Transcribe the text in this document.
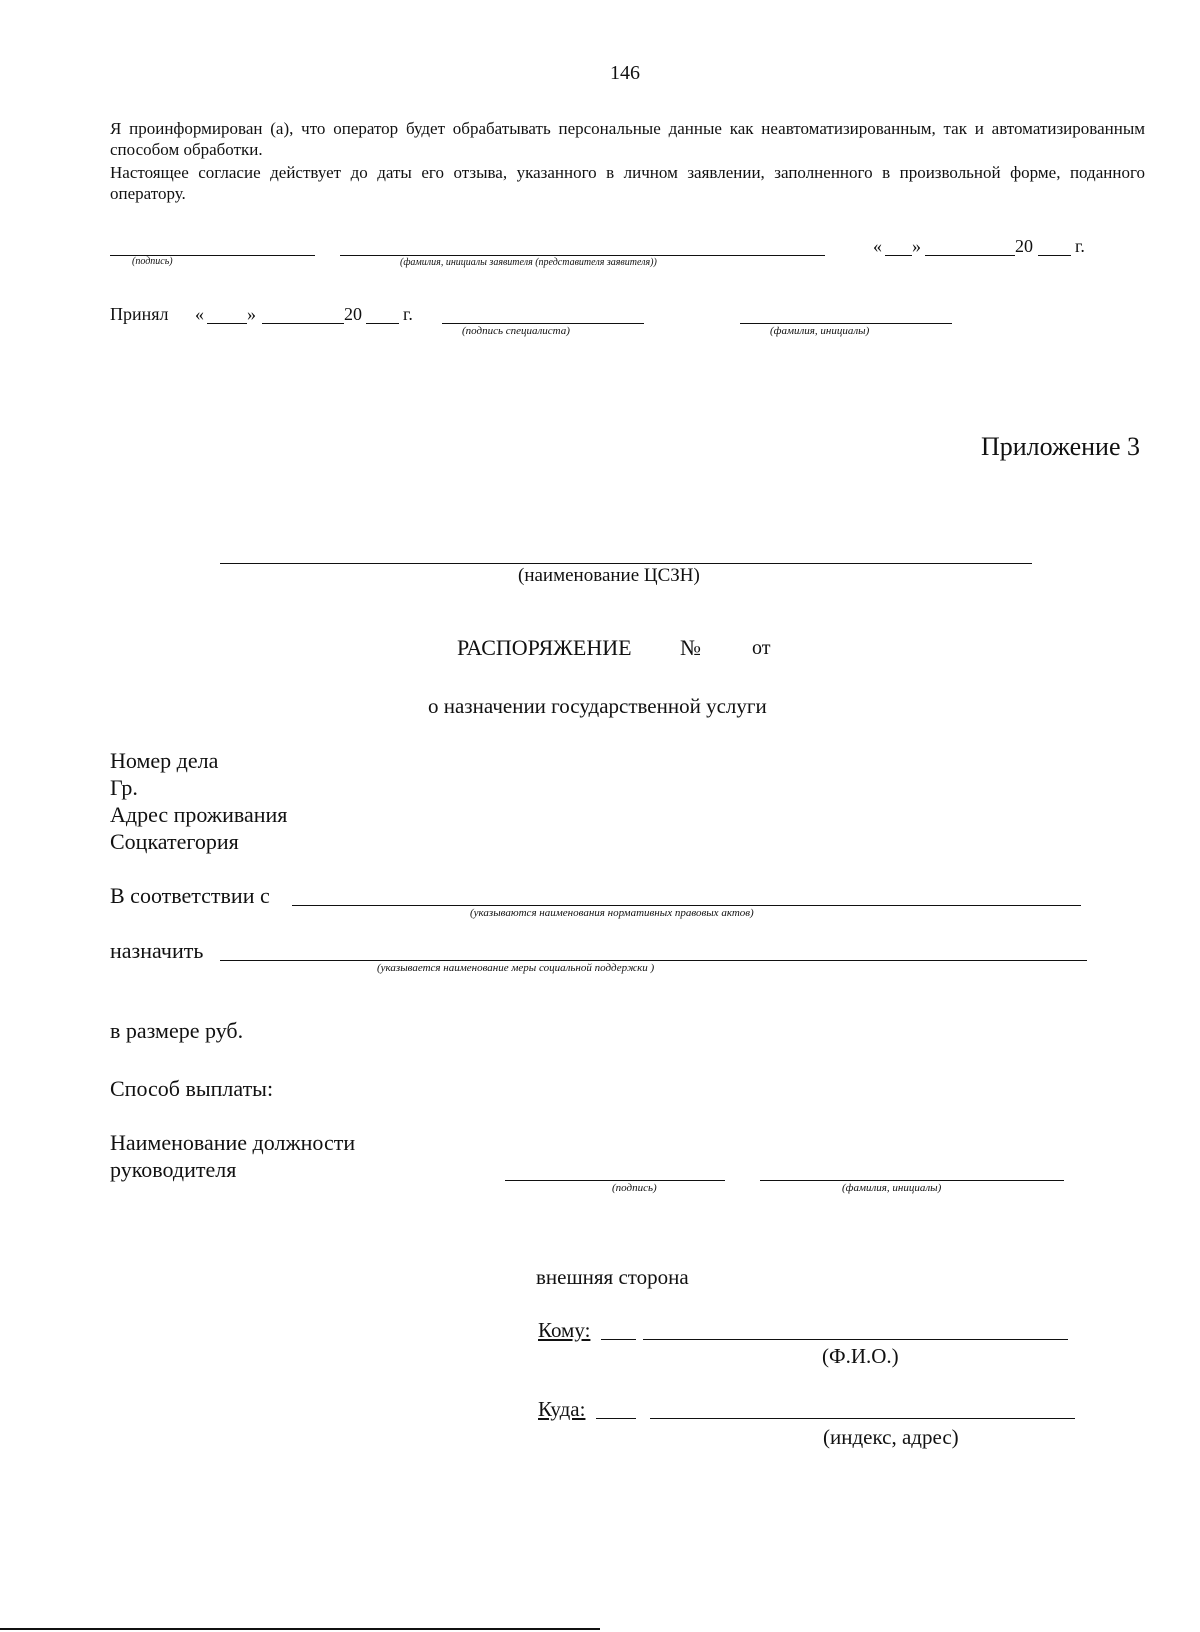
146
Я проинформирован (а), что оператор будет обрабатывать персональные данные как неавтоматизированным, так и автоматизированным способом обработки.
Настоящее согласие действует до даты его отзыва, указанного в личном заявлении, заполненного в произвольной форме, поданного оператору.
(подпись)	(фамилия, инициалы заявителя (представителя заявителя))
« »	20 г.
Принял « »	20 г.
(подпись специалиста)	(фамилия, инициалы)
Приложение 3
(наименование ЦСЗН)
РАСПОРЯЖЕНИЕ №	от
о назначении государственной услуги
Номер дела
Гр.
Адрес проживания
Соцкатегория
В соответствии с
(указываются наименования нормативных правовых актов)
назначить
(указывается наименование меры социальной поддержки )
в размере руб.
Способ выплаты:
Наименование должности
руководителя
(подпись)	(фамилия, инициалы)
внешняя сторона
Кому:
(Ф.И.О.)
Куда:
(индекс, адрес)
